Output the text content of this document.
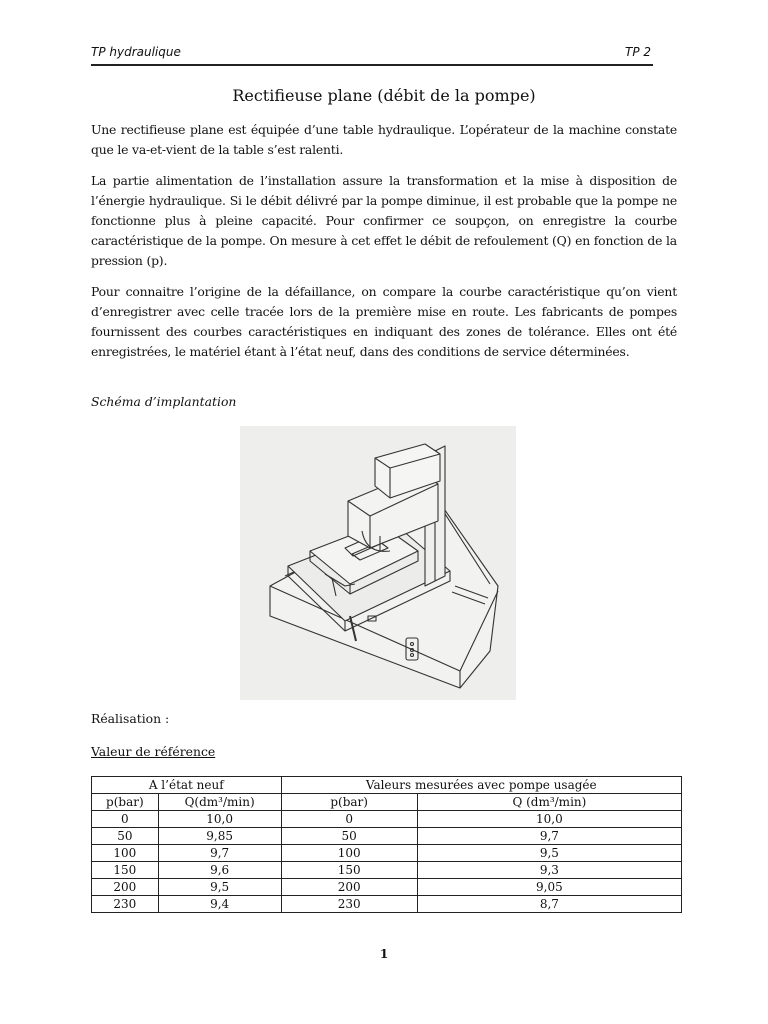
TP hydraulique	TP 2
Rectifieuse plane (débit de la pompe)
Une rectifieuse plane est équipée d’une table hydraulique. L’opérateur de la machine constate que le va-et-vient de la table s’est ralenti.
La partie alimentation de l’installation assure la transformation et la mise à disposition de l’énergie hydraulique. Si le débit délivré par la pompe diminue, il est probable que la pompe ne fonctionne plus à pleine capacité. Pour confirmer ce soupçon, on enregistre la courbe caractéristique de la pompe. On mesure à cet effet le débit de refoulement (Q) en fonction de la pression (p).
Pour connaitre l’origine de la défaillance, on compare la courbe caractéristique qu’on vient d’enregistrer avec celle tracée lors de la première mise en route. Les fabricants de pompes fournissent des courbes caractéristiques en indiquant des zones de tolérance. Elles ont été enregistrées, le matériel étant à l’état neuf, dans des conditions de service déterminées.
Schéma d’implantation
Réalisation :
Valeur de référence
A l’état neuf		Valeurs mesurées avec pompe usagée	
p(bar)	Q(dm³/min)	p(bar)	Q (dm³/min)
0	10,0	0	10,0
50	9,85	50	9,7
100	9,7	100	9,5
150	9,6	150	9,3
200	9,5	200	9,05
230	9,4	230	8,7
1
